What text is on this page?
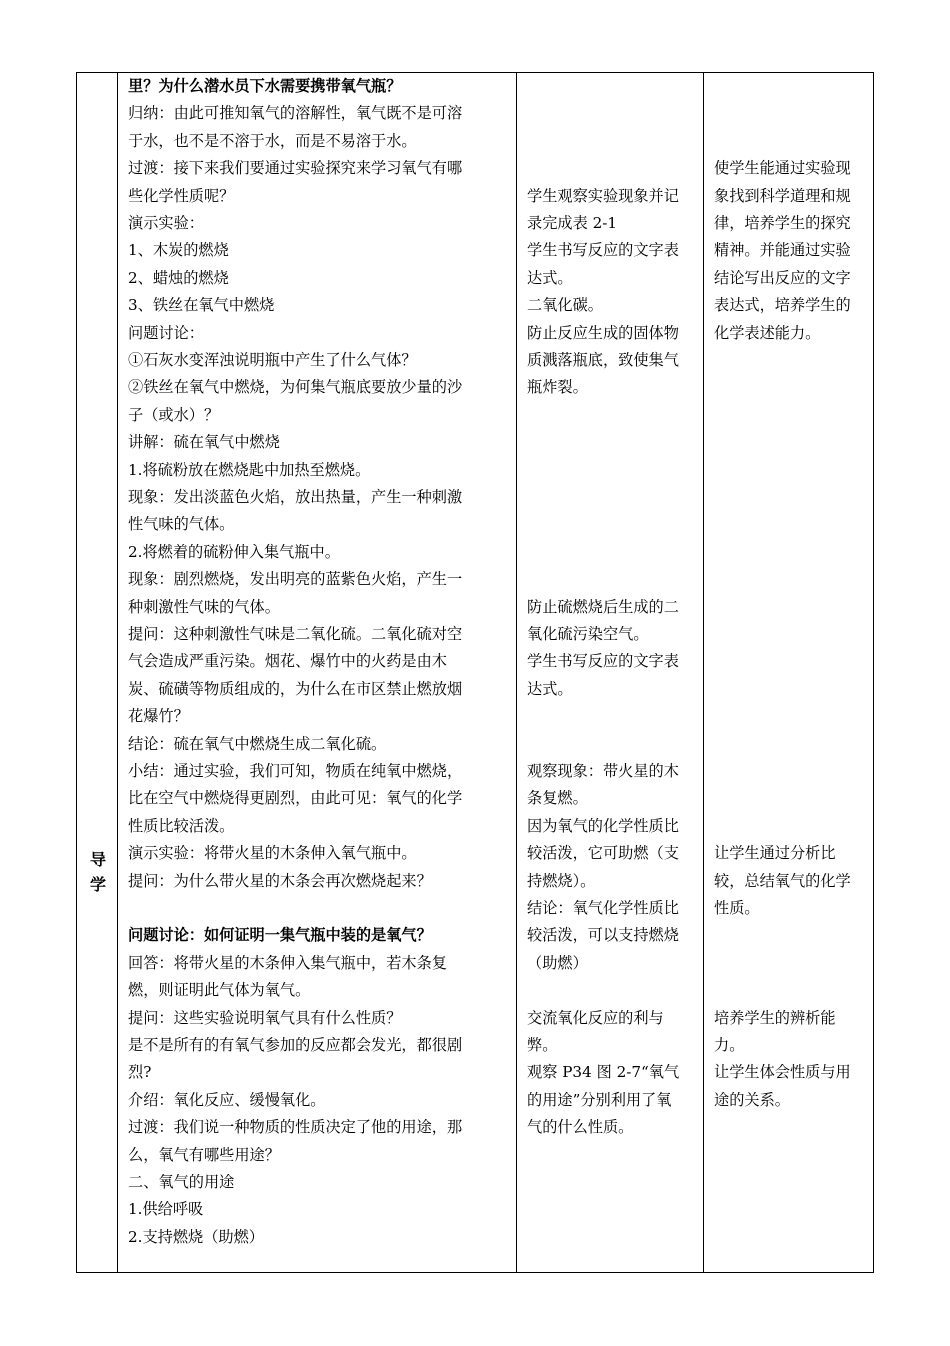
导
学
里？为什么潜水员下水需要携带氧气瓶？
归纳：由此可推知氧气的溶解性，氧气既不是可溶
于水，也不是不溶于水，而是不易溶于水。
过渡：接下来我们要通过实验探究来学习氧气有哪
些化学性质呢？
演示实验：
1、木炭的燃烧
2、蜡烛的燃烧
3、铁丝在氧气中燃烧
问题讨论：
①石灰水变浑浊说明瓶中产生了什么气体？
②铁丝在氧气中燃烧，为何集气瓶底要放少量的沙
子（或水）？
讲解：硫在氧气中燃烧
1.将硫粉放在燃烧匙中加热至燃烧。
现象：发出淡蓝色火焰，放出热量，产生一种刺激
性气味的气体。
2.将燃着的硫粉伸入集气瓶中。
现象：剧烈燃烧，发出明亮的蓝紫色火焰，产生一
种刺激性气味的气体。
提问：这种刺激性气味是二氧化硫。二氧化硫对空
气会造成严重污染。烟花、爆竹中的火药是由木
炭、硫磺等物质组成的，为什么在市区禁止燃放烟
花爆竹？
结论：硫在氧气中燃烧生成二氧化硫。
小结：通过实验，我们可知，物质在纯氧中燃烧，
比在空气中燃烧得更剧烈，由此可见：氧气的化学
性质比较活泼。
演示实验：将带火星的木条伸入氧气瓶中。
提问：为什么带火星的木条会再次燃烧起来？
问题讨论：如何证明一集气瓶中装的是氧气？
回答：将带火星的木条伸入集气瓶中，若木条复
燃，则证明此气体为氧气。
提问：这些实验说明氧气具有什么性质？
是不是所有的有氧气参加的反应都会发光，都很剧
烈?
介绍：氧化反应、缓慢氧化。
过渡：我们说一种物质的性质决定了他的用途，那
么，氧气有哪些用途？
二、氧气的用途
1.供给呼吸
2.支持燃烧（助燃）
学生观察实验现象并记
录完成表 2-1
学生书写反应的文字表
达式。
二氧化碳。
防止反应生成的固体物
质溅落瓶底，致使集气
瓶炸裂。
防止硫燃烧后生成的二
氧化硫污染空气。
学生书写反应的文字表
达式。
观察现象：带火星的木
条复燃。
因为氧气的化学性质比
较活泼，它可助燃（支
持燃烧）。
结论：氧气化学性质比
较活泼，可以支持燃烧
（助燃）
交流氧化反应的利与
弊。
观察 P34 图 2-7“氧气
的用途”分别利用了氧
气的什么性质。
使学生能通过实验现
象找到科学道理和规
律，培养学生的探究
精神。并能通过实验
结论写出反应的文字
表达式，培养学生的
化学表述能力。
让学生通过分析比
较，总结氧气的化学
性质。
培养学生的辨析能
力。
让学生体会性质与用
途的关系。
